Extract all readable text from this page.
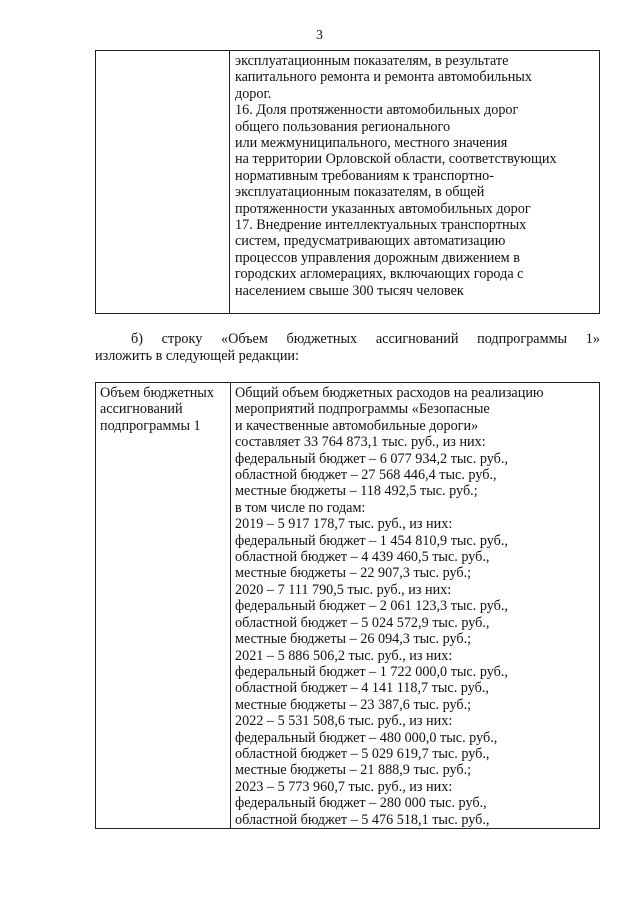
3

эксплуатационным показателям, в результате
капитального ремонта и ремонта автомобильных
дорог.
16. Доля протяженности автомобильных дорог
общего пользования регионального
или межмуниципального, местного значения
на территории Орловской области, соответствующих
нормативным требованиям к транспортно-
эксплуатационным показателям, в общей
протяженности указанных автомобильных дорог
17. Внедрение интеллектуальных транспортных
систем, предусматривающих автоматизацию
процессов управления дорожным движением в
городских агломерациях, включающих города с
населением свыше 300 тысяч человек
б) строку «Объем бюджетных ассигнований подпрограммы 1»
изложить в следующей редакции:
Объем бюджетных
ассигнований
подпрограммы 1

Общий объем бюджетных расходов на реализацию
мероприятий подпрограммы «Безопасные
и качественные автомобильные дороги»
составляет 33 764 873,1 тыс. руб., из них:
федеральный бюджет – 6 077 934,2 тыс. руб.,
областной бюджет – 27 568 446,4 тыс. руб.,
местные бюджеты – 118 492,5 тыс. руб.;
в том числе по годам:
2019 – 5 917 178,7 тыс. руб., из них:
федеральный бюджет – 1 454 810,9 тыс. руб.,
областной бюджет – 4 439 460,5 тыс. руб.,
местные бюджеты – 22 907,3 тыс. руб.;
2020 – 7 111 790,5 тыс. руб., из них:
федеральный бюджет – 2 061 123,3 тыс. руб.,
областной бюджет – 5 024 572,9 тыс. руб.,
местные бюджеты – 26 094,3 тыс. руб.;
2021 – 5 886 506,2 тыс. руб., из них:
федеральный бюджет – 1 722 000,0 тыс. руб.,
областной бюджет – 4 141 118,7 тыс. руб.,
местные бюджеты – 23 387,6 тыс. руб.;
2022 – 5 531 508,6 тыс. руб., из них:
федеральный бюджет – 480 000,0 тыс. руб.,
областной бюджет – 5 029 619,7 тыс. руб.,
местные бюджеты – 21 888,9 тыс. руб.;
2023 – 5 773 960,7 тыс. руб., из них:
федеральный бюджет – 280 000 тыс. руб.,
областной бюджет – 5 476 518,1 тыс. руб.,
